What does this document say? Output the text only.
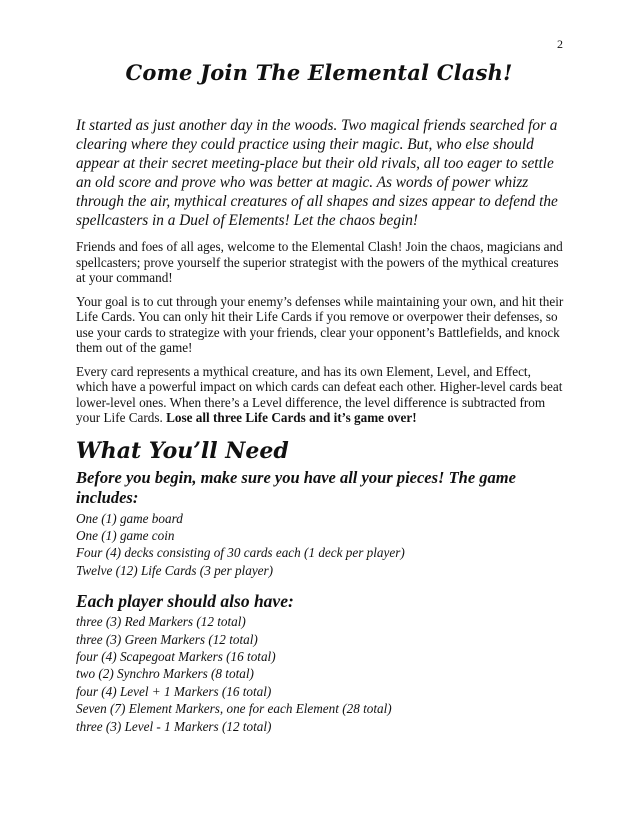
2
Come Join The Elemental Clash!

It started as just another day in the woods. Two magical friends searched for a clearing where they could practice using their magic. But, who else should appear at their secret meeting-place but their old rivals, all too eager to settle an old score and prove who was better at magic. As words of power whizz through the air, mythical creatures of all shapes and sizes appear to defend the spellcasters in a Duel of Elements! Let the chaos begin!

Friends and foes of all ages, welcome to the Elemental Clash! Join the chaos, magicians and spellcasters; prove yourself the superior strategist with the powers of the mythical creatures at your command!

Your goal is to cut through your enemy’s defenses while maintaining your own, and hit their Life Cards. You can only hit their Life Cards if you remove or overpower their defenses, so use your cards to strategize with your friends, clear your opponent’s Battlefields, and knock them out of the game!

Every card represents a mythical creature, and has its own Element, Level, and Effect, which have a powerful impact on which cards can defeat each other. Higher-level cards beat lower-level ones. When there’s a Level difference, the level difference is subtracted from your Life Cards. Lose all three Life Cards and it’s game over!

What You’ll Need
Before you begin, make sure you have all your pieces! The game includes:
One (1) game board
One (1) game coin
Four (4) decks consisting of 30 cards each (1 deck per player)
Twelve (12) Life Cards (3 per player)
Each player should also have:
three (3) Red Markers (12 total)
three (3) Green Markers (12 total)
four (4) Scapegoat Markers (16 total)
two (2) Synchro Markers (8 total)
four (4) Level + 1 Markers (16 total)
Seven (7) Element Markers, one for each Element (28 total)
three (3) Level - 1 Markers (12 total)
